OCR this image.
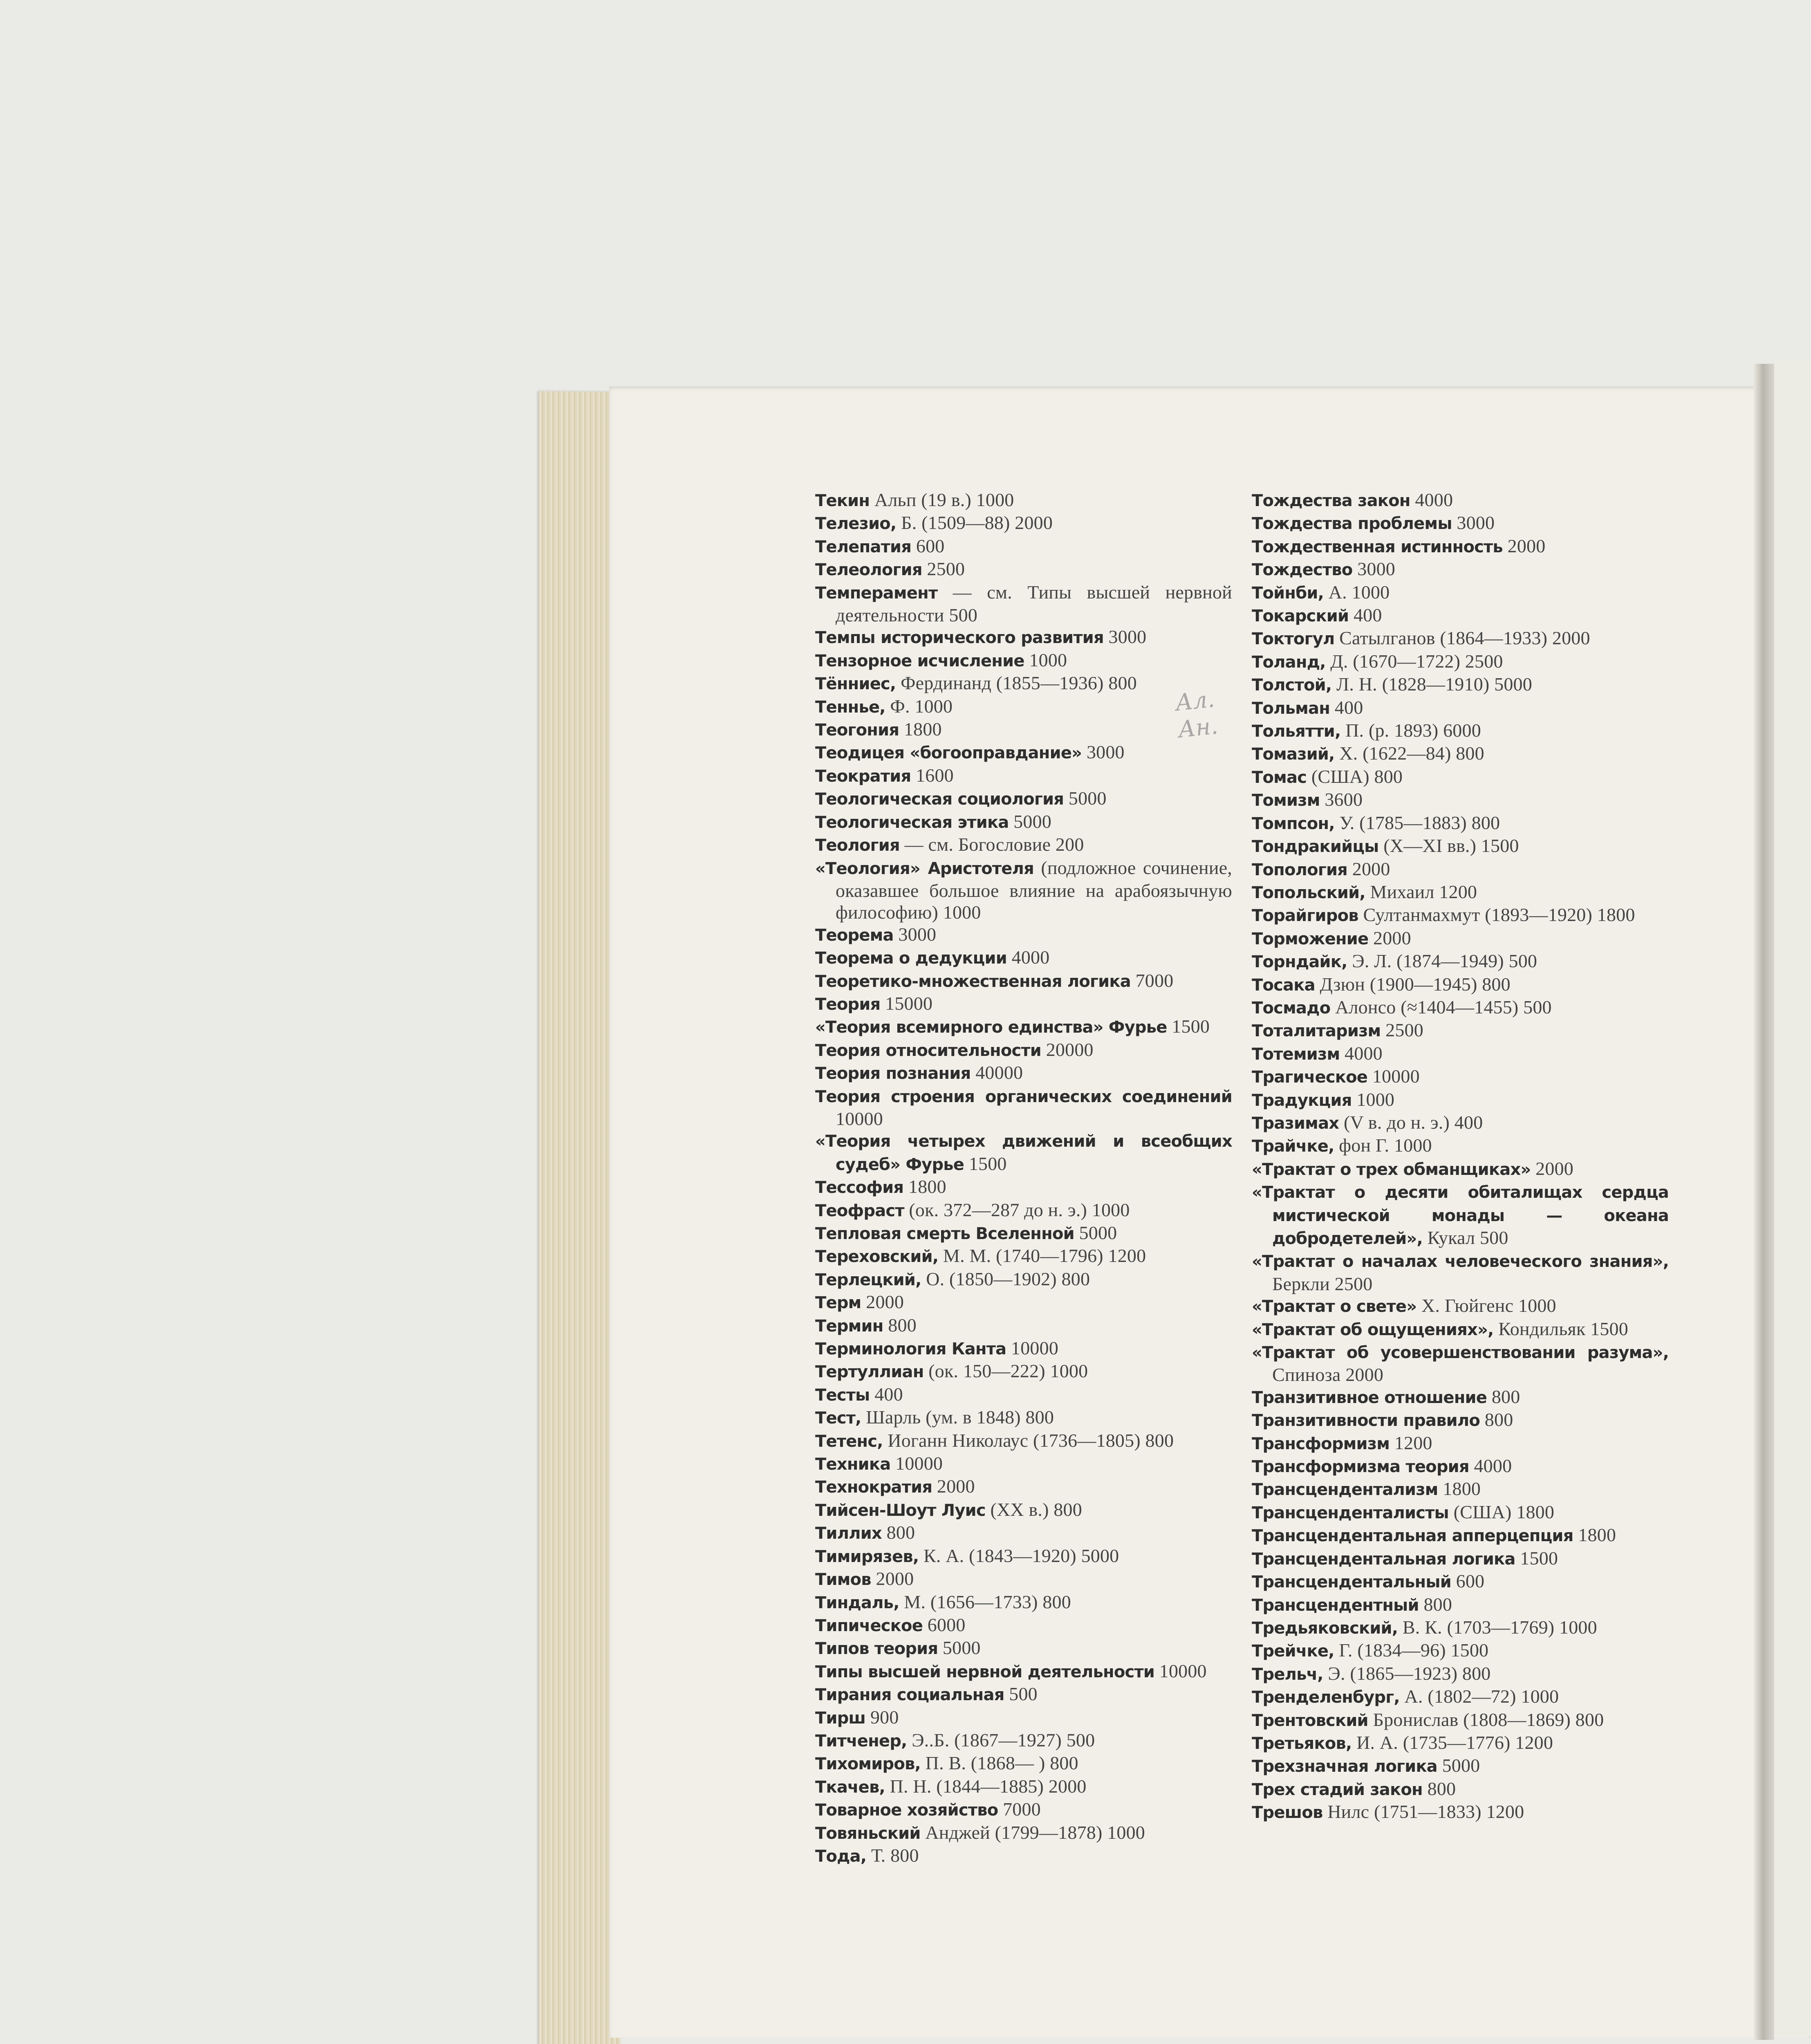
Текин Альп (19 в.) 1000
Телезио, Б. (1509—88) 2000
Телепатия 600
Телеология 2500
Темперамент — см. Типы высшей нервной деятельности 500
Темпы исторического развития 3000
Тензорное исчисление 1000
Тённиес, Фердинанд (1855—1936) 800
Теннье, Ф. 1000
Теогония 1800
Теодицея «богооправдание» 3000
Теократия 1600
Теологическая социология 5000
Теологическая этика 5000
Теология — см. Богословие 200
«Теология» Аристотеля (подложное сочинение, оказавшее большое влияние на арабоязычную философию) 1000
Теорема 3000
Теорема о дедукции 4000
Теоретико-множественная логика 7000
Теория 15000
«Теория всемирного единства» Фурье 1500
Теория относительности 20000
Теория познания 40000
Теория строения органических соединений 10000
«Теория четырех движений и всеобщих судеб» Фурье 1500
Тессофия 1800
Теофраст (ок. 372—287 до н. э.) 1000
Тепловая смерть Вселенной 5000
Тереховский, М. М. (1740—1796) 1200
Терлецкий, О. (1850—1902) 800
Терм 2000
Термин 800
Терминология Канта 10000
Тертуллиан (ок. 150—222) 1000
Тесты 400
Тест, Шарль (ум. в 1848) 800
Тетенс, Иоганн Николаус (1736—1805) 800
Техника 10000
Технократия 2000
Тийсен-Шоут Луис (XX в.) 800
Тиллих 800
Тимирязев, К. А. (1843—1920) 5000
Тимов 2000
Тиндаль, М. (1656—1733) 800
Типическое 6000
Типов теория 5000
Типы высшей нервной деятельности 10000
Тирания социальная 500
Тирш 900
Титченер, Э..Б. (1867—1927) 500
Тихомиров, П. В. (1868— ) 800
Ткачев, П. Н. (1844—1885) 2000
Товарное хозяйство 7000
Товяньский Анджей (1799—1878) 1000
Тода, Т. 800
Тождества закон 4000
Тождества проблемы 3000
Тождественная истинность 2000
Тождество 3000
Тойнби, А. 1000
Токарский 400
Токтогул Сатылганов (1864—1933) 2000
Толанд, Д. (1670—1722) 2500
Толстой, Л. Н. (1828—1910) 5000
Тольман 400
Тольятти, П. (р. 1893) 6000
Томазий, Х. (1622—84) 800
Томас (США) 800
Томизм 3600
Томпсон, У. (1785—1883) 800
Тондракийцы (X—XI вв.) 1500
Топология 2000
Топольский, Михаил 1200
Торайгиров Султанмахмут (1893—1920) 1800
Торможение 2000
Торндайк, Э. Л. (1874—1949) 500
Тосака Дзюн (1900—1945) 800
Тосмадо Алонсо (≈1404—1455) 500
Тоталитаризм 2500
Тотемизм 4000
Трагическое 10000
Традукция 1000
Тразимах (V в. до н. э.) 400
Трайчке, фон Г. 1000
«Трактат о трех обманщиках» 2000
«Трактат о десяти обиталищах сердца мистической монады — океана добродетелей», Кукал 500
«Трактат о началах человеческого знания», Беркли 2500
«Трактат о свете» Х. Гюйгенс 1000
«Трактат об ощущениях», Кондильяк 1500
«Трактат об усовершенствовании разума», Спиноза 2000
Транзитивное отношение 800
Транзитивности правило 800
Трансформизм 1200
Трансформизма теория 4000
Трансцендентализм 1800
Трансценденталисты (США) 1800
Трансцендентальная апперцепция 1800
Трансцендентальная логика 1500
Трансцендентальный 600
Трансцендентный 800
Тредьяковский, В. К. (1703—1769) 1000
Трейчке, Г. (1834—96) 1500
Трельч, Э. (1865—1923) 800
Тренделенбург, А. (1802—72) 1000
Трентовский Бронислав (1808—1869) 800
Третьяков, И. А. (1735—1776) 1200
Трехзначная логика 5000
Трех стадий закон 800
Трешов Нилс (1751—1833) 1200
Ал. Ан.
